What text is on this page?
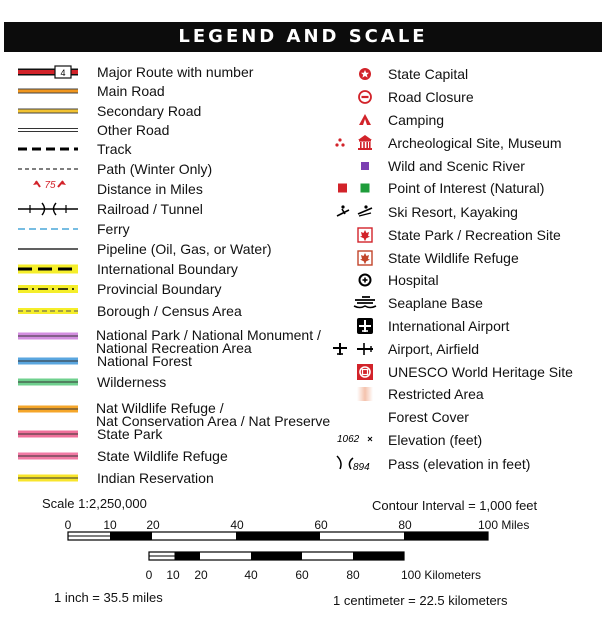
LEGEND AND SCALE
4 Major Route with number
Main Road
Secondary Road
Other Road
Track
Path (Winter Only)
75	Distance in Miles
Railroad / Tunnel
Ferry
Pipeline (Oil, Gas, or Water)
International Boundary
Provincial Boundary
Borough / Census Area
National Park / National Monument /
National Recreation Area
National Forest
Wilderness
Nat Wildlife Refuge /
Nat Conservation Area / Nat Preserve
State Park
State Wildlife Refuge
Indian Reservation
State Capital
Road Closure
Camping
Archeological Site, Museum
Wild and Scenic River
Point of Interest (Natural)
Ski Resort, Kayaking
State Park / Recreation Site
State Wildlife Refuge
Hospital
Seaplane Base
International Airport
Airport, Airfield
UNESCO World Heritage Site
Restricted Area
Forest Cover
1062 Elevation (feet)
894 Pass (elevation in feet)
Scale 1:2,250,000	Contour Interval = 1,000 feet
0	10 20	40	60	80	100 Miles
0 10 20	40	60	80	100 Kilometers
1 inch = 35.5 miles	1 centimeter = 22.5 kilometers
